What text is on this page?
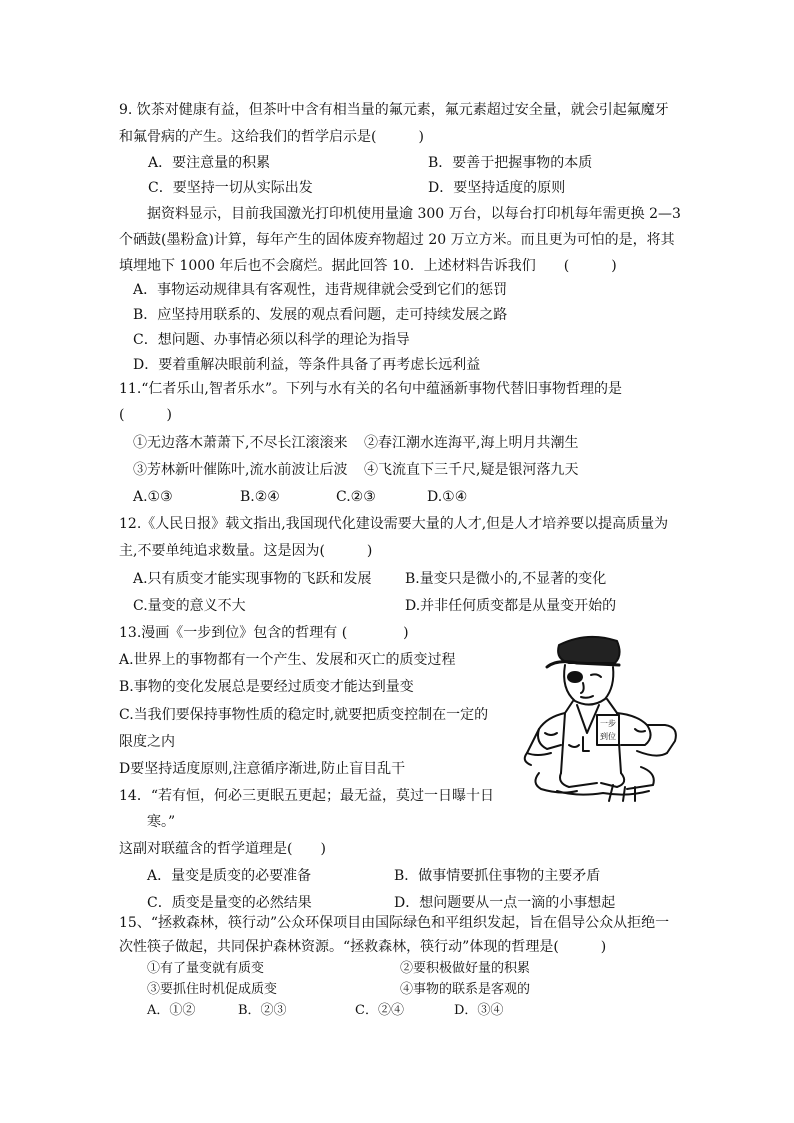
9. 饮茶对健康有益，但茶叶中含有相当量的氟元素，氟元素超过安全量，就会引起氟魔牙
和氟骨病的产生。这给我们的哲学启示是(　　　)
A．要注意量的积累	B．要善于把握事物的本质
C．要坚持一切从实际出发	D．要坚持适度的原则
据资料显示，目前我国激光打印机使用量逾 300 万台，以每台打印机每年需更换 2—3
个硒鼓(墨粉盒)计算，每年产生的固体废弃物超过 20 万立方米。而且更为可怕的是，将其
填埋地下 1000 年后也不会腐烂。据此回答 10．上述材料告诉我们　　(　　　)
A．事物运动规律具有客观性，违背规律就会受到它们的惩罚
B．应坚持用联系的、发展的观点看问题，走可持续发展之路
C．想问题、办事情必须以科学的理论为指导
D．要着重解决眼前利益，等条件具备了再考虑长远利益
11.“仁者乐山,智者乐水”。下列与水有关的名句中蕴涵新事物代替旧事物哲理的是
(　　　)
①无边落木萧萧下,不尽长江滚滚来 ②春江潮水连海平,海上明月共潮生
③芳林新叶催陈叶,流水前波让后波 ④飞流直下三千尺,疑是银河落九天
A.①③	B.②④	C.②③	D.①④
12.《人民日报》载文指出,我国现代化建设需要大量的人才,但是人才培养要以提高质量为
主,不要单纯追求数量。这是因为(　　　)
A.只有质变才能实现事物的飞跃和发展 B.量变只是微小的,不显著的变化
C.量变的意义不大	D.并非任何质变都是从量变开始的
13.漫画《一步到位》包含的哲理有 (　　　　)
A.世界上的事物都有一个产生、发展和灭亡的质变过程
B.事物的变化发展总是要经过质变才能达到量变
C.当我们要保持事物性质的稳定时,就要把质变控制在一定的
限度之内
D要坚持适度原则,注意循序渐进,防止盲目乱干
一步
到位
14．“若有恒，何必三更眠五更起；最无益，莫过一日曝十日
寒。”
这副对联蕴含的哲学道理是(　　)
A．量变是质变的必要准备	B．做事情要抓住事物的主要矛盾
C．质变是量变的必然结果	D．想问题要从一点一滴的小事想起
15、“拯救森林，筷行动”公众环保项目由国际绿色和平组织发起，旨在倡导公众从拒绝一
次性筷子做起，共同保护森林资源。“拯救森林，筷行动”体现的哲理是(　　　)
①有了量变就有质变	②要积极做好量的积累
③要抓住时机促成质变	④事物的联系是客观的
A．①②	B．②③	C．②④	D．③④
